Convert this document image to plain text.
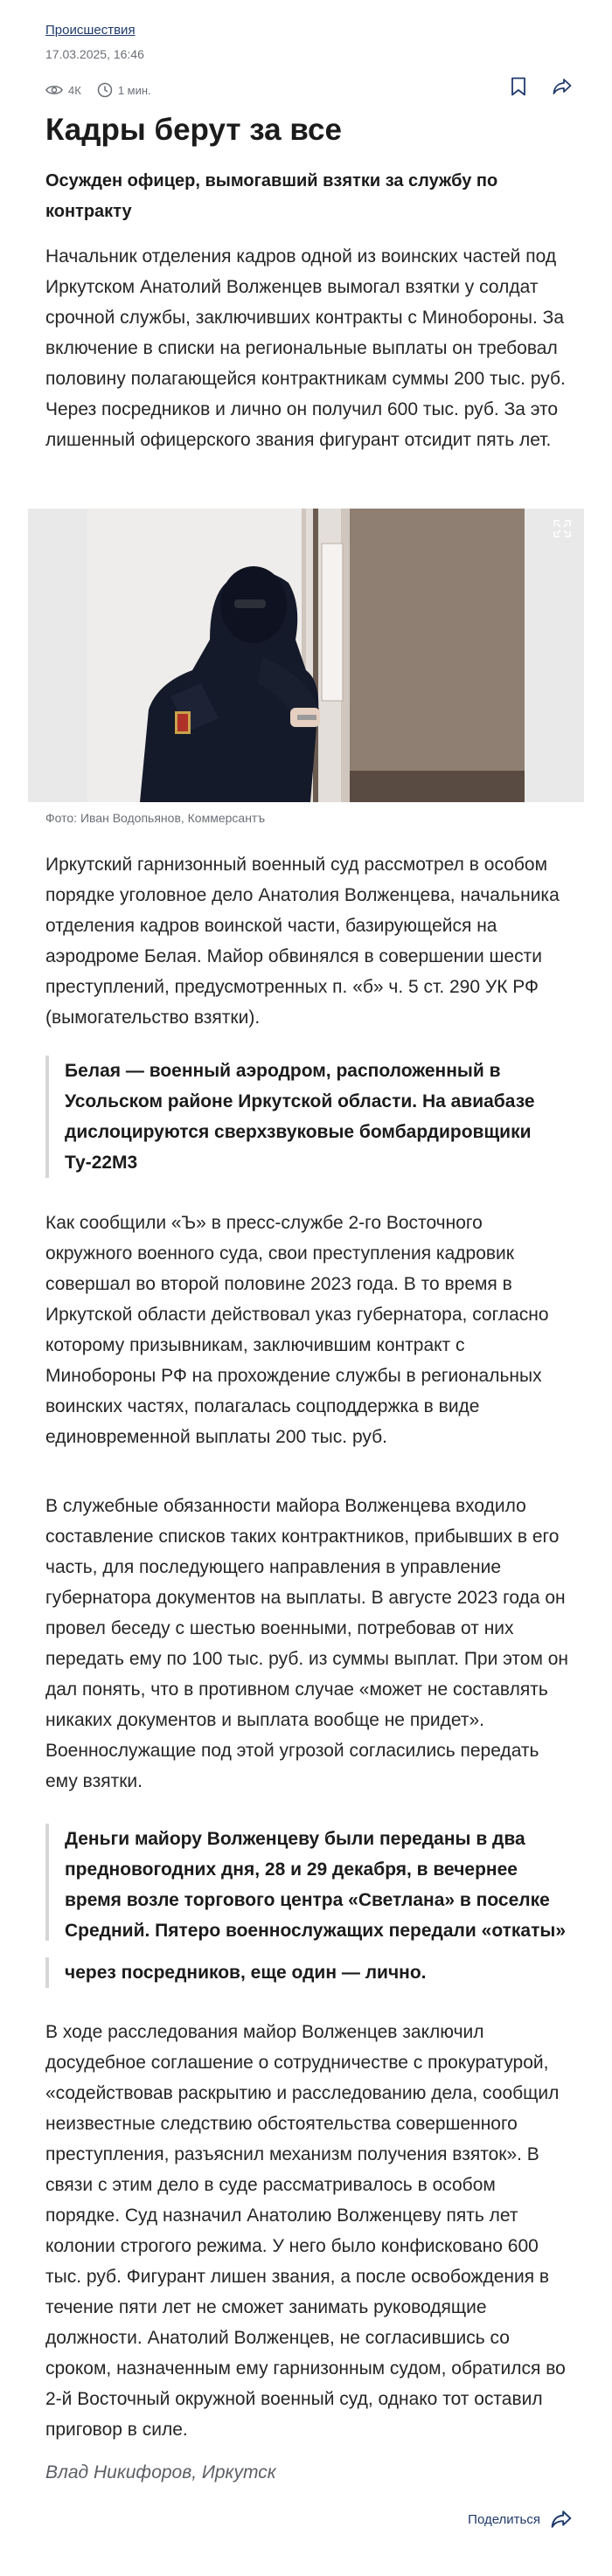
Происшествия
17.03.2025, 16:46
4К	1 мин.
Кадры берут за все
Осужден офицер, вымогавший взятки за службу по контракту

Начальник отделения кадров одной из воинских частей под Иркутском Анатолий Волженцев вымогал взятки у солдат срочной службы, заключивших контракты с Минобороны. За включение в списки на региональные выплаты он требовал половину полагающейся контрактникам суммы 200 тыс. руб. Через посредников и лично он получил 600 тыс. руб. За это лишенный офицерского звания фигурант отсидит пять лет.

Фото: Иван Водопьянов, Коммерсантъ

Иркутский гарнизонный военный суд рассмотрел в особом порядке уголовное дело Анатолия Волженцева, начальника отделения кадров воинской части, базирующейся на аэродроме Белая. Майор обвинялся в совершении шести преступлений, предусмотренных п. «б» ч. 5 ст. 290 УК РФ (вымогательство взятки).

Белая — военный аэродром, расположенный в Усольском районе Иркутской области. На авиабазе дислоцируются сверхзвуковые бомбардировщики Ту-22М3

Как сообщили «Ъ» в пресс-службе 2-го Восточного окружного военного суда, свои преступления кадровик совершал во второй половине 2023 года. В то время в Иркутской области действовал указ губернатора, согласно которому призывникам, заключившим контракт с Минобороны РФ на прохождение службы в региональных воинских частях, полагалась соцподдержка в виде единовременной выплаты 200 тыс. руб.

В служебные обязанности майора Волженцева входило составление списков таких контрактников, прибывших в его часть, для последующего направления в управление губернатора документов на выплаты. В августе 2023 года он провел беседу с шестью военными, потребовав от них передать ему по 100 тыс. руб. из суммы выплат. При этом он дал понять, что в противном случае «может не составлять никаких документов и выплата вообще не придет». Военнослужащие под этой угрозой согласились передать ему взятки.

Деньги майору Волженцеву были переданы в два предновогодних дня, 28 и 29 декабря, в вечернее время возле торгового центра «Светлана» в поселке Средний. Пятеро военнослужащих передали «откаты»
через посредников, еще один — лично.

В ходе расследования майор Волженцев заключил досудебное соглашение о сотрудничестве с прокуратурой, «содействовав раскрытию и расследованию дела, сообщил неизвестные следствию обстоятельства совершенного преступления, разъяснил механизм получения взяток». В связи с этим дело в суде рассматривалось в особом порядке. Суд назначил Анатолию Волженцеву пять лет колонии строгого режима. У него было конфисковано 600 тыс. руб. Фигурант лишен звания, а после освобождения в течение пяти лет не сможет занимать руководящие должности. Анатолий Волженцев, не согласившись со сроком, назначенным ему гарнизонным судом, обратился во 2-й Восточный окружной военный суд, однако тот оставил приговор в силе.

Влад Никифоров, Иркутск
Поделиться
